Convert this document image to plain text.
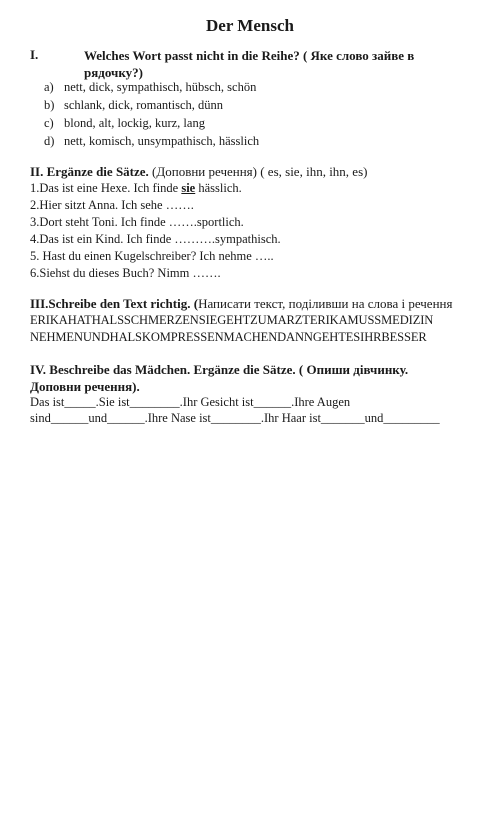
Der Mensch
I.	Welches Wort passt nicht in die Reihe? ( Яке слово зайве в
рядочку?)
a) nett, dick, sympathisch, hübsch, schön
b) schlank, dick, romantisch, dünn
c) blond, alt, lockig, kurz, lang
d) nett, komisch, unsympathisch, hässlich
II. Ergänze die Sätze. (Доповни речення) ( es, sie, ihn, ihn, es)
1.Das ist eine Hexe. Ich finde sie hässlich.
2.Hier sitzt Anna. Ich sehe …….
3.Dort steht Toni. Ich finde …….sportlich.
4.Das ist ein Kind. Ich finde ……….sympathisch.
5. Hast du einen Kugelschreiber? Ich nehme …..
6.Siehst du dieses Buch? Nimm …….
III.Schreibe den Text richtig. (Написати текст, поділивши на слова і речення
ERIKAHATHALSSCHMERZENSIEGEHTZUMARZTERIKAMUSSMEDIZIN
NEHMENUNDHALSKOMPRESSENMACHENDANNGEHTESIHRBESSER
IV. Beschreibe das Mädchen. Ergänze die Sätze. ( Опиши дівчинку.
Доповни речення).
Das ist_____.Sie ist________.Ihr Gesicht ist______.Ihre Augen
sind______und______.Ihre Nase ist________.Ihr Haar ist_______und_________
